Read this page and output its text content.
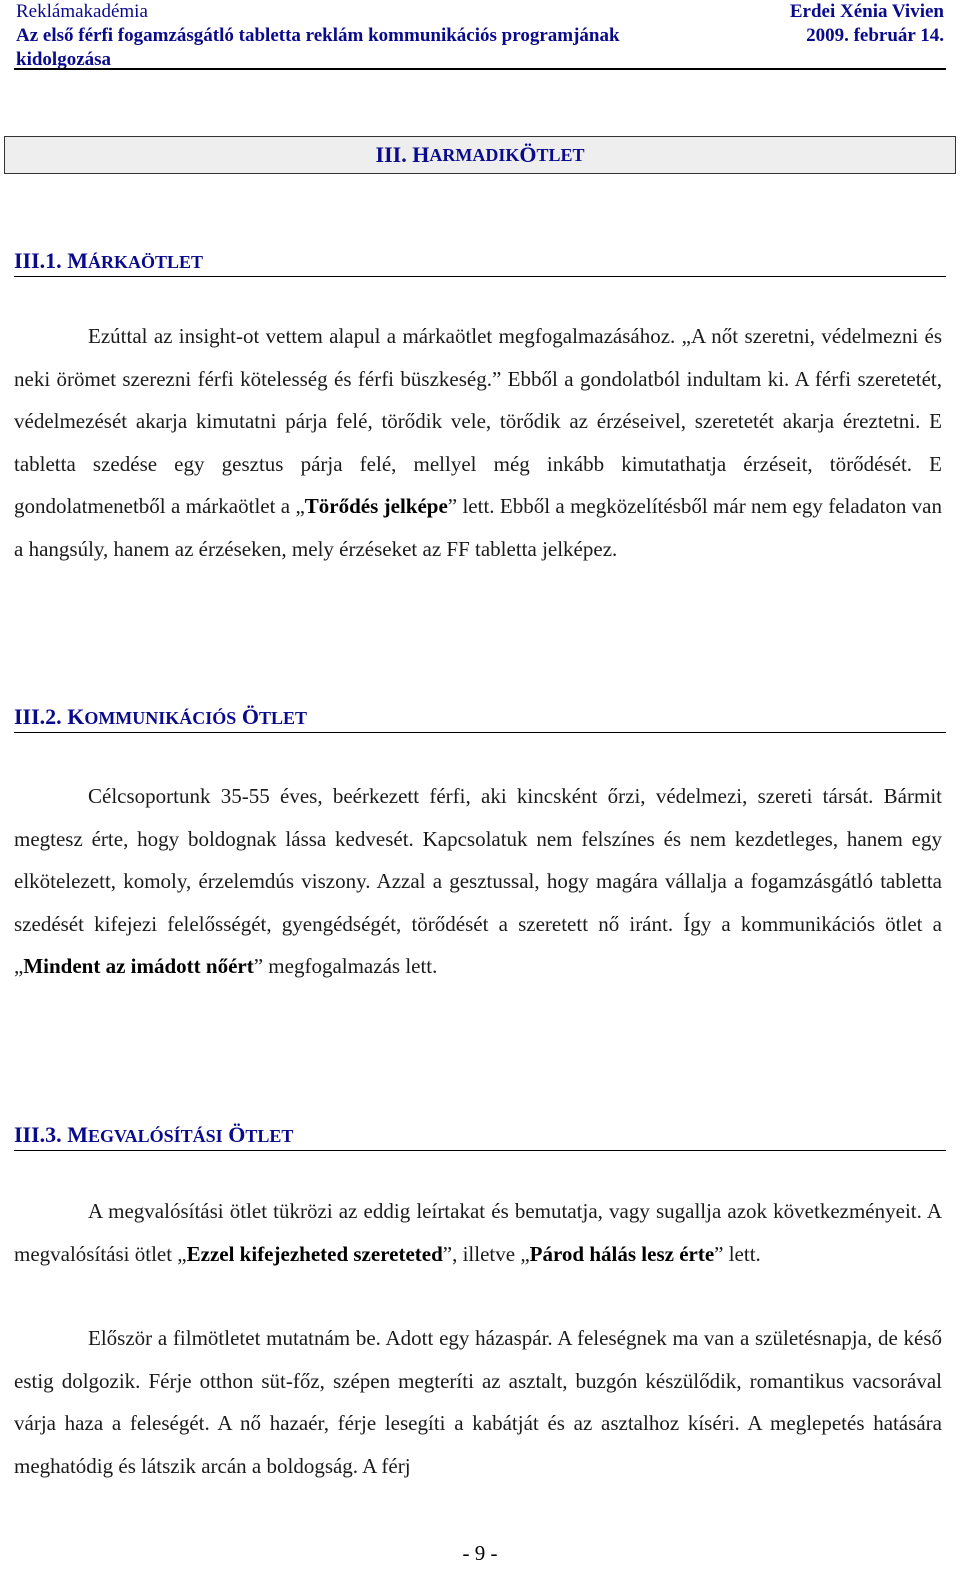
Reklámakadémia	Erdei Xénia Vivien
Az első férfi fogamzásgátló tabletta reklám kommunikációs programjának	2009. február 14.
kidolgozása
III. H ARMADIK Ö TLET
III.1. MÁRKAÖTLET
Ezúttal az insight-ot vettem alapul a márkaötlet megfogalmazásához. „A nőt szeretni, védelmezni és neki örömet szerezni férfi kötelesség és férfi büszkeség.” Ebből a gondolatból indultam ki. A férfi szeretetét, védelmezését akarja kimutatni párja felé, törődik vele, törődik az érzéseivel, szeretetét akarja éreztetni. E tabletta szedése egy gesztus párja felé, mellyel még inkább kimutathatja érzéseit, törődését. E gondolatmenetből a márkaötlet a „Törődés jelképe” lett. Ebből a megközelítésből már nem egy feladaton van a hangsúly, hanem az érzéseken, mely érzéseket az FF tabletta jelképez.
III.2. KOMMUNIKÁCIÓS ÖTLET
Célcsoportunk 35-55 éves, beérkezett férfi, aki kincsként őrzi, védelmezi, szereti társát. Bármit megtesz érte, hogy boldognak lássa kedvesét. Kapcsolatuk nem felszínes és nem kezdetleges, hanem egy elkötelezett, komoly, érzelemdús viszony. Azzal a gesztussal, hogy magára vállalja a fogamzásgátló tabletta szedését kifejezi felelősségét, gyengédségét, törődését a szeretett nő iránt. Így a kommunikációs ötlet a „Mindent az imádott nőért” megfogalmazás lett.
III.3. MEGVALÓSÍTÁSI ÖTLET
A megvalósítási ötlet tükrözi az eddig leírtakat és bemutatja, vagy sugallja azok következményeit. A megvalósítási ötlet „Ezzel kifejezheted szereteted”, illetve „Párod hálás lesz érte” lett.
Először a filmötletet mutatnám be. Adott egy házaspár. A feleségnek ma van a születésnapja, de késő estig dolgozik. Férje otthon süt-főz, szépen megteríti az asztalt, buzgón készülődik, romantikus vacsorával várja haza a feleségét. A nő hazaér, férje lesegíti a kabátját és az asztalhoz kíséri. A meglepetés hatására meghatódig és látszik arcán a boldogság. A férj
- 9 -
